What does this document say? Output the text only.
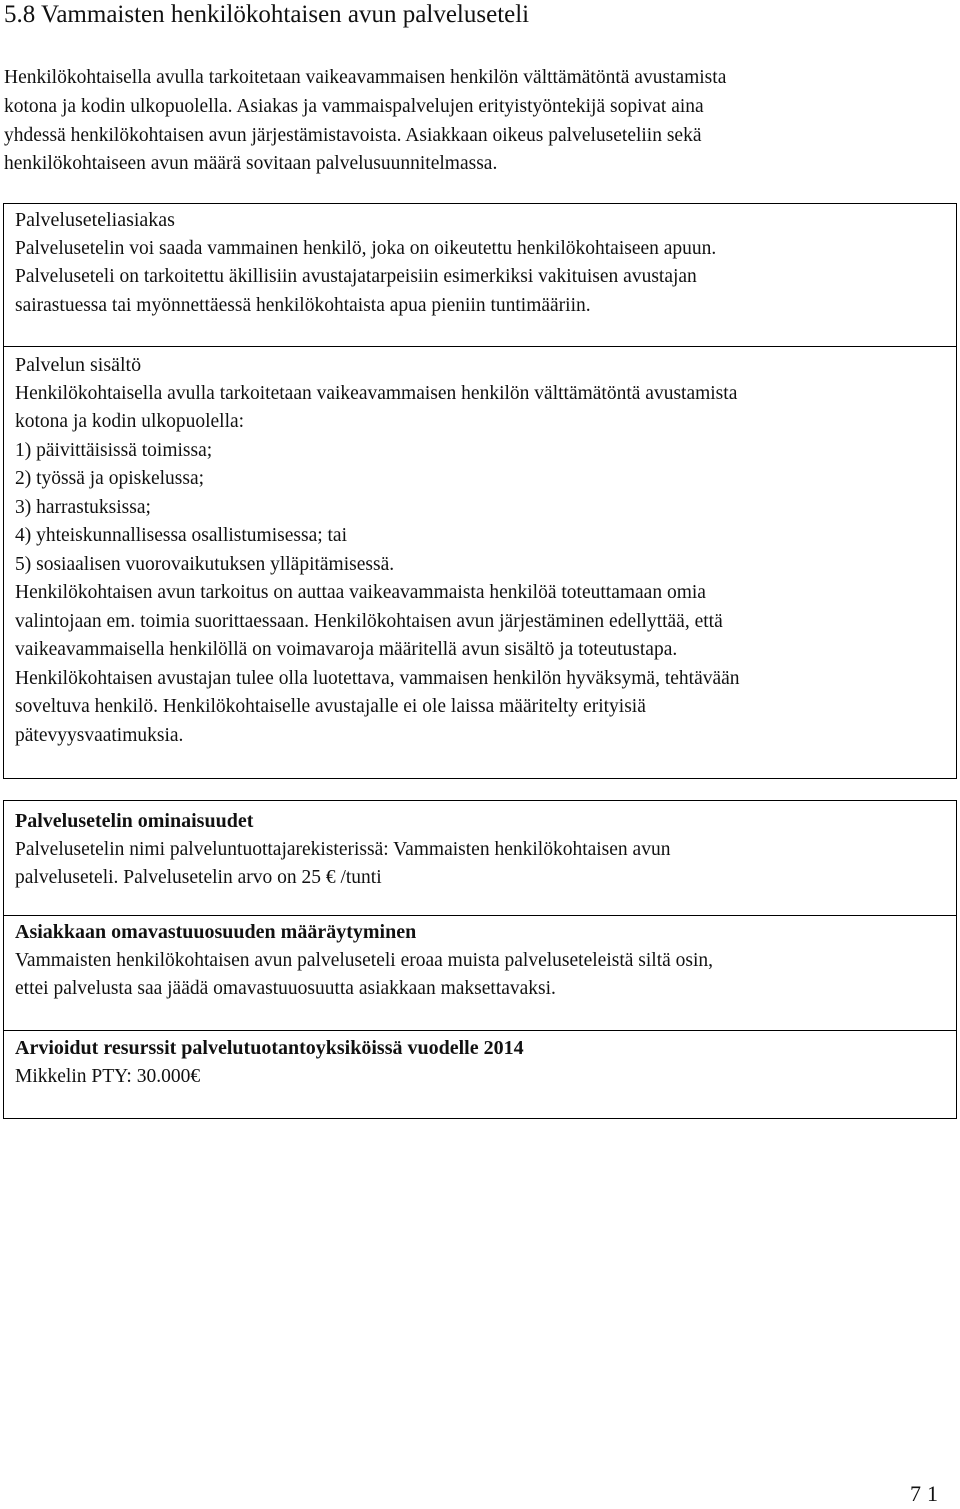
5.8 Vammaisten henkilökohtaisen avun palveluseteli

Henkilökohtaisella avulla tarkoitetaan vaikeavammaisen henkilön välttämätöntä avustamista

kotona ja kodin ulkopuolella. Asiakas ja vammaispalvelujen erityistyöntekijä sopivat aina

yhdessä henkilökohtaisen avun järjestämistavoista. Asiakkaan oikeus palveluseteliin sekä

henkilökohtaiseen avun määrä sovitaan palvelusuunnitelmassa.

Palveluseteliasiakas

Palvelusetelin voi saada vammainen henkilö, joka on oikeutettu henkilökohtaiseen apuun.

Palveluseteli on tarkoitettu äkillisiin avustajatarpeisiin esimerkiksi vakituisen avustajan

sairastuessa tai myönnettäessä henkilökohtaista apua pieniin tuntimääriin.

Palvelun sisältö

Henkilökohtaisella avulla tarkoitetaan vaikeavammaisen henkilön välttämätöntä avustamista

kotona ja kodin ulkopuolella:

1) päivittäisissä toimissa;

2) työssä ja opiskelussa;

3) harrastuksissa;

4) yhteiskunnallisessa osallistumisessa; tai

5) sosiaalisen vuorovaikutuksen ylläpitämisessä.

Henkilökohtaisen avun tarkoitus on auttaa vaikeavammaista henkilöä toteuttamaan omia

valintojaan em. toimia suorittaessaan. Henkilökohtaisen avun järjestäminen edellyttää, että

vaikeavammaisella henkilöllä on voimavaroja määritellä avun sisältö ja toteutustapa.

Henkilökohtaisen avustajan tulee olla luotettava, vammaisen henkilön hyväksymä, tehtävään

soveltuva henkilö. Henkilökohtaiselle avustajalle ei ole laissa määritelty erityisiä

pätevyysvaatimuksia.

Palvelusetelin ominaisuudet

Palvelusetelin nimi palveluntuottajarekisterissä: Vammaisten henkilökohtaisen avun

palveluseteli. Palvelusetelin arvo on 25 € /tunti

Asiakkaan omavastuuosuuden määräytyminen

Vammaisten henkilökohtaisen avun palveluseteli eroaa muista palveluseteleistä siltä osin,

ettei palvelusta saa jäädä omavastuuosuutta asiakkaan maksettavaksi.

Arvioidut resurssit palvelutuotantoyksiköissä vuodelle 2014

Mikkelin PTY: 30.000€

71
